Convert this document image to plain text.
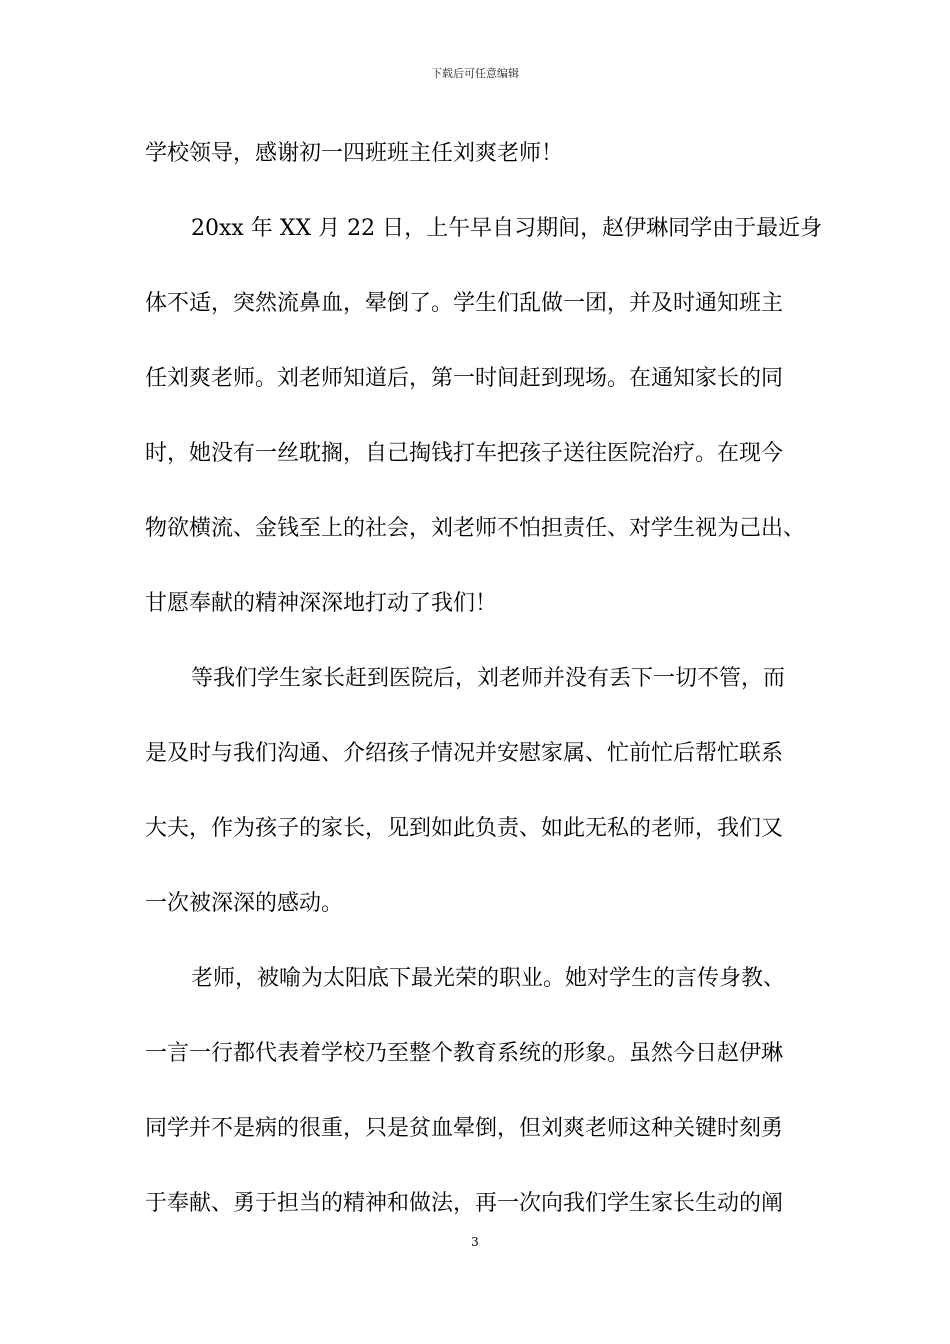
下载后可任意编辑
学校领导，感谢初一四班班主任刘爽老师！
20xx 年 XX 月 22 日，上午早自习期间，赵伊琳同学由于最近身
体不适，突然流鼻血，晕倒了。学生们乱做一团，并及时通知班主
任刘爽老师。刘老师知道后，第一时间赶到现场。在通知家长的同
时，她没有一丝耽搁，自己掏钱打车把孩子送往医院治疗。在现今
物欲横流、金钱至上的社会，刘老师不怕担责任、对学生视为己出、
甘愿奉献的精神深深地打动了我们！
等我们学生家长赶到医院后，刘老师并没有丢下一切不管，而
是及时与我们沟通、介绍孩子情况并安慰家属、忙前忙后帮忙联系
大夫，作为孩子的家长，见到如此负责、如此无私的老师，我们又
一次被深深的感动。
老师，被喻为太阳底下最光荣的职业。她对学生的言传身教、
一言一行都代表着学校乃至整个教育系统的形象。虽然今日赵伊琳
同学并不是病的很重，只是贫血晕倒，但刘爽老师这种关键时刻勇
于奉献、勇于担当的精神和做法，再一次向我们学生家长生动的阐
3
